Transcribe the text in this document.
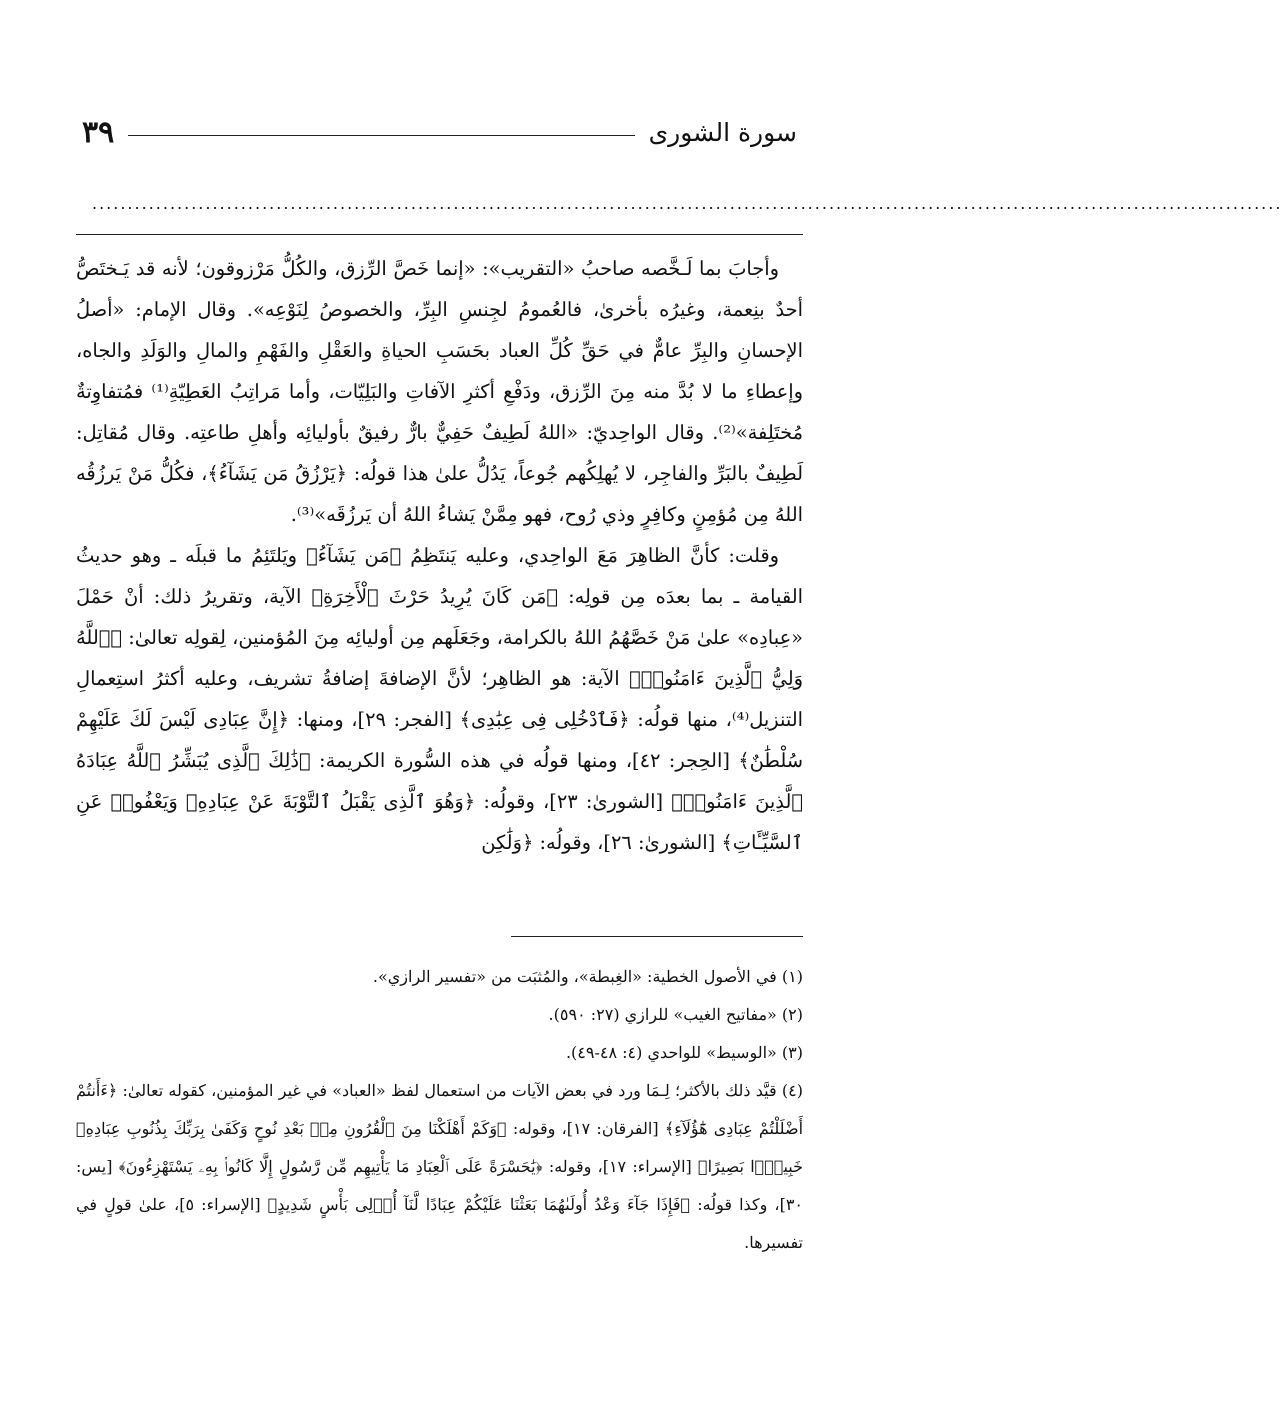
سورة الشورى
٣٩
........................................................................................................................................................................

وأجابَ بما لَـخَّصه صاحبُ «التقريب»: «إنما خَصَّ الرِّزق، والكُلُّ مَرْزوقون؛ لأنه قد يَـختَصُّ أحدٌ بنِعمة، وغيرُه بأخرىٰ، فالعُمومُ لجِنسِ البِرِّ، والخصوصُ لِنَوْعِه». وقال الإمام: «أصلُ الإحسانِ والبِرِّ عامٌّ في حَقِّ كُلِّ العباد بحَسَبِ الحياةِ والعَقْلِ والفَهْمِ والمالِ والوَلَدِ والجاه، وإعطاءِ ما لا بُدَّ منه مِنَ الرِّزق، ودَفْعِ أكثرِ الآفاتِ والبَلِيّات، وأما مَراتِبُ العَطِيّةِ⁽¹⁾ فمُتفاوِتةٌ مُختَلِفة»⁽²⁾. وقال الواحِديّ: «اللهُ لَطِيفٌ حَفِيٌّ بارٌّ رفيقٌ بأوليائِه وأهلِ طاعتِه. وقال مُقاتِل: لَطِيفٌ بالبَرِّ والفاجِر، لا يُهلِكُهم جُوعاً، يَدُلُّ علىٰ هذا قولُه: ﴿يَرْزُقُ مَن يَشَآءُ﴾، فكُلُّ مَنْ يَرزُقُه اللهُ مِن مُؤمِنٍ وكافِرٍ وذي رُوح، فهو مِمَّنْ يَشاءُ اللهُ أن يَرزُقَه»⁽³⁾.

وقلت: كأنَّ الظاهِرَ مَعَ الواحِدي، وعليه يَنتَظِمُ ﴿مَن يَشَآءُ﴾ ويَلتَئِمُ ما قبلَه ـ وهو حديثُ القيامة ـ بما بعدَه مِن قولِه: ﴿مَن كَانَ يُرِيدُ حَرْثَ ٱلْأَخِرَةِ﴾ الآية، وتقريرُ ذلك: أنْ حَمْلَ «عِبادِه» علىٰ مَنْ خَصَّهُمُ اللهُ بالكرامة، وجَعَلَهم مِن أوليائِه مِنَ المُؤمنين، لِقولِه تعالىٰ: ﴿ٱللَّهُ وَلِيُّ ٱلَّذِينَ ءَامَنُوا۟﴾ الآية: هو الظاهِر؛ لأنَّ الإضافةَ إضافةُ تشريف، وعليه أكثرُ استِعمالِ التنزيل⁽⁴⁾، منها قولُه: ﴿فَٱدْخُلِى فِى عِبَٰدِى﴾ [الفجر: ٢٩]، ومنها: ﴿إِنَّ عِبَادِى لَيْسَ لَكَ عَلَيْهِمْ سُلْطَٰنٌ﴾ [الحِجر: ٤٢]، ومنها قولُه في هذه السُّورة الكريمة: ﴿ذَٰلِكَ ٱلَّذِى يُبَشِّرُ ٱللَّهُ عِبَادَهُ ٱلَّذِينَ ءَامَنُوا۟﴾ [الشورىٰ: ٢٣]، وقولُه: ﴿وَهُوَ ٱلَّذِى يَقْبَلُ ٱلتَّوْبَةَ عَنْ عِبَادِهِۦ وَيَعْفُوا۟ عَنِ ٱلسَّيِّـَٔاتِ﴾ [الشورىٰ: ٢٦]، وقولُه: ﴿وَلَٰكِن

(١) في الأصول الخطية: «الغِبطة»، والمُثبَت من «تفسير الرازي».

(٢) «مفاتيح الغيب» للرازي (٢٧: ٥٩٠).

(٣) «الوسيط» للواحدي (٤: ٤٨-٤٩).

(٤) قيَّد ذلك بالأكثر؛ لِـمَا ورد في بعض الآيات من استعمال لفظ «العباد» في غير المؤمنين، كقوله تعالىٰ: ﴿ءَأَنتُمْ أَضْلَلْتُمْ عِبَادِى هَٰٓؤُلَآءِ﴾ [الفرقان: ١٧]، وقوله: ﴿وَكَمْ أَهْلَكْنَا مِنَ ٱلْقُرُونِ مِنۢ بَعْدِ نُوحٍ وَكَفَىٰ بِرَبِّكَ بِذُنُوبِ عِبَادِهِۦ خَبِيرًۢا بَصِيرًا﴾ [الإسراء: ١٧]، وقوله: ﴿يَٰحَسْرَةً عَلَى ٱلْعِبَادِ مَا يَأْتِيهِم مِّن رَّسُولٍ إِلَّا كَانُوا۟ بِهِۦ يَسْتَهْزِءُونَ﴾ [يس: ٣٠]، وكذا قولُه: ﴿فَإِذَا جَآءَ وَعْدُ أُولَىٰهُمَا بَعَثْنَا عَلَيْكُمْ عِبَادًا لَّنَآ أُو۟لِى بَأْسٍ شَدِيدٍ﴾ [الإسراء: ٥]، علىٰ قولٍ في تفسيرها.
